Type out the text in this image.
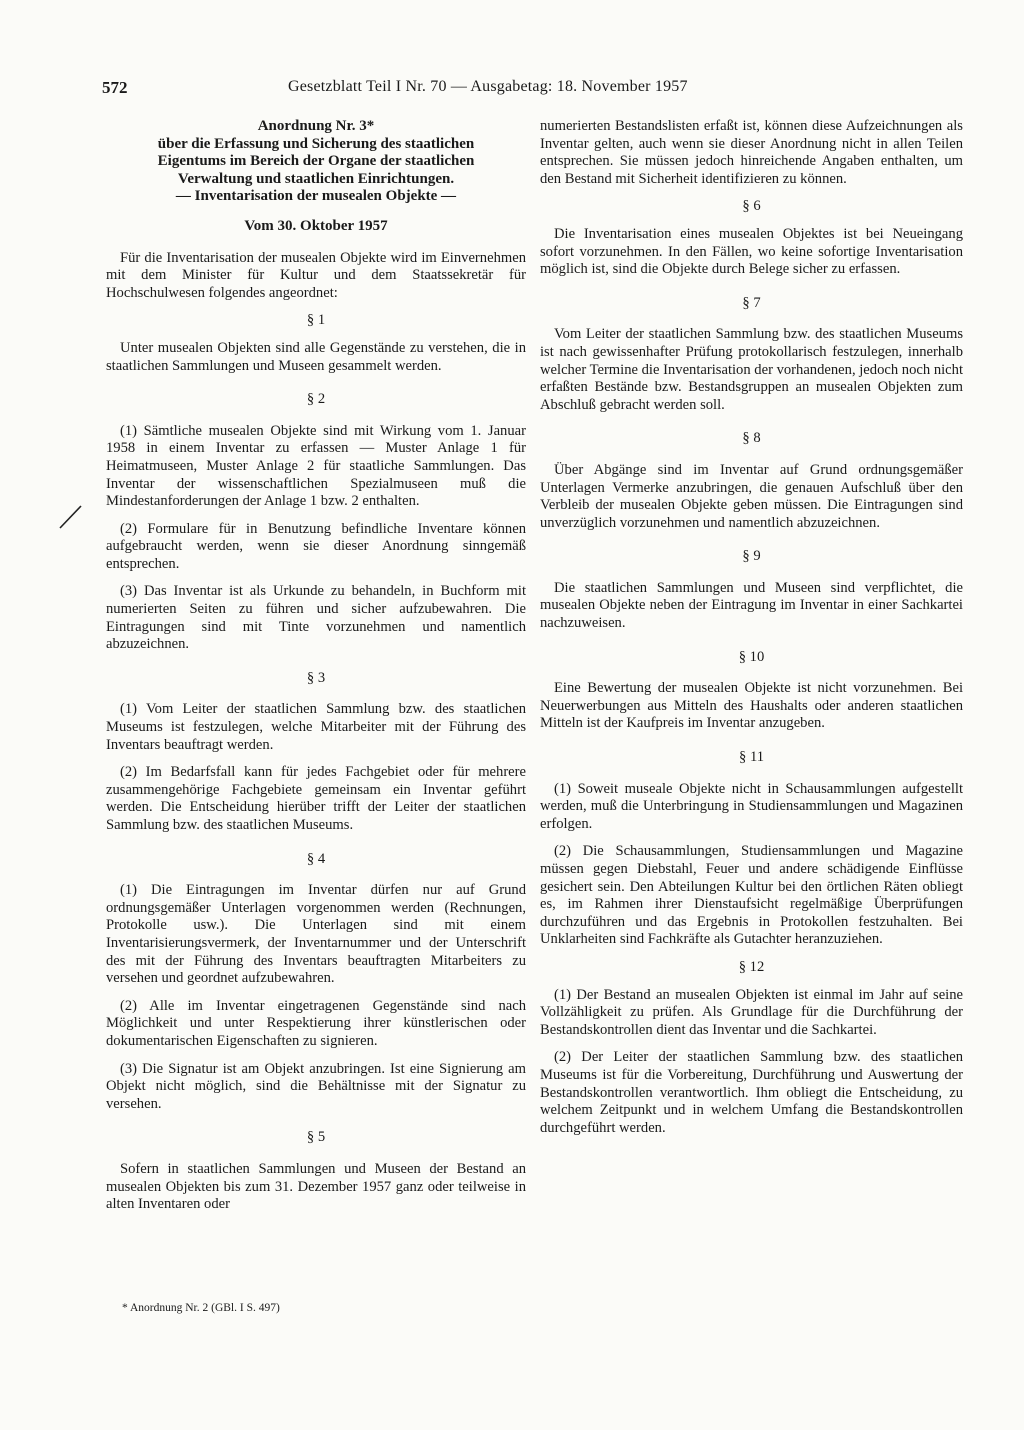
572	Gesetzblatt Teil I Nr. 70 — Ausgabetag: 18. November 1957
Anordnung Nr. 3*
über die Erfassung und Sicherung des staatlichen
Eigentums im Bereich der Organe der staatlichen
Verwaltung und staatlichen Einrichtungen.
— Inventarisation der musealen Objekte —
Vom 30. Oktober 1957

Für die Inventarisation der musealen Objekte wird im Einvernehmen mit dem Minister für Kultur und dem Staatssekretär für Hochschulwesen folgendes angeordnet:

§ 1

Unter musealen Objekten sind alle Gegenstände zu verstehen, die in staatlichen Sammlungen und Museen gesammelt werden.

§ 2

(1) Sämtliche musealen Objekte sind mit Wirkung vom 1. Januar 1958 in einem Inventar zu erfassen — Muster Anlage 1 für Heimatmuseen, Muster Anlage 2 für staatliche Sammlungen. Das Inventar der wissenschaftlichen Spezialmuseen muß die Mindestanforderungen der Anlage 1 bzw. 2 enthalten.

(2) Formulare für in Benutzung befindliche Inventare können aufgebraucht werden, wenn sie dieser Anordnung sinngemäß entsprechen.

(3) Das Inventar ist als Urkunde zu behandeln, in Buchform mit numerierten Seiten zu führen und sicher aufzubewahren. Die Eintragungen sind mit Tinte vorzunehmen und namentlich abzuzeichnen.

§ 3

(1) Vom Leiter der staatlichen Sammlung bzw. des staatlichen Museums ist festzulegen, welche Mitarbeiter mit der Führung des Inventars beauftragt werden.

(2) Im Bedarfsfall kann für jedes Fachgebiet oder für mehrere zusammengehörige Fachgebiete gemeinsam ein Inventar geführt werden. Die Entscheidung hierüber trifft der Leiter der staatlichen Sammlung bzw. des staatlichen Museums.

§ 4

(1) Die Eintragungen im Inventar dürfen nur auf Grund ordnungsgemäßer Unterlagen vorgenommen werden (Rechnungen, Protokolle usw.). Die Unterlagen sind mit einem Inventarisierungsvermerk, der Inventarnummer und der Unterschrift des mit der Führung des Inventars beauftragten Mitarbeiters zu versehen und geordnet aufzubewahren.

(2) Alle im Inventar eingetragenen Gegenstände sind nach Möglichkeit und unter Respektierung ihrer künstlerischen oder dokumentarischen Eigenschaften zu signieren.

(3) Die Signatur ist am Objekt anzubringen. Ist eine Signierung am Objekt nicht möglich, sind die Behältnisse mit der Signatur zu versehen.

§ 5

Sofern in staatlichen Sammlungen und Museen der Bestand an musealen Objekten bis zum 31. Dezember 1957 ganz oder teilweise in alten Inventaren oder

* Anordnung Nr. 2 (GBl. I S. 497)

numerierten Bestandslisten erfaßt ist, können diese Aufzeichnungen als Inventar gelten, auch wenn sie dieser Anordnung nicht in allen Teilen entsprechen. Sie müssen jedoch hinreichende Angaben enthalten, um den Bestand mit Sicherheit identifizieren zu können.

§ 6

Die Inventarisation eines musealen Objektes ist bei Neueingang sofort vorzunehmen. In den Fällen, wo keine sofortige Inventarisation möglich ist, sind die Objekte durch Belege sicher zu erfassen.

§ 7

Vom Leiter der staatlichen Sammlung bzw. des staatlichen Museums ist nach gewissenhafter Prüfung protokollarisch festzulegen, innerhalb welcher Termine die Inventarisation der vorhandenen, jedoch noch nicht erfaßten Bestände bzw. Bestandsgruppen an musealen Objekten zum Abschluß gebracht werden soll.

§ 8

Über Abgänge sind im Inventar auf Grund ordnungsgemäßer Unterlagen Vermerke anzubringen, die genauen Aufschluß über den Verbleib der musealen Objekte geben müssen. Die Eintragungen sind unverzüglich vorzunehmen und namentlich abzuzeichnen.

§ 9

Die staatlichen Sammlungen und Museen sind verpflichtet, die musealen Objekte neben der Eintragung im Inventar in einer Sachkartei nachzuweisen.

§ 10

Eine Bewertung der musealen Objekte ist nicht vorzunehmen. Bei Neuerwerbungen aus Mitteln des Haushalts oder anderen staatlichen Mitteln ist der Kaufpreis im Inventar anzugeben.

§ 11

(1) Soweit museale Objekte nicht in Schausammlungen aufgestellt werden, muß die Unterbringung in Studiensammlungen und Magazinen erfolgen.

(2) Die Schausammlungen, Studiensammlungen und Magazine müssen gegen Diebstahl, Feuer und andere schädigende Einflüsse gesichert sein. Den Abteilungen Kultur bei den örtlichen Räten obliegt es, im Rahmen ihrer Dienstaufsicht regelmäßige Überprüfungen durchzuführen und das Ergebnis in Protokollen festzuhalten. Bei Unklarheiten sind Fachkräfte als Gutachter heranzuziehen.

§ 12

(1) Der Bestand an musealen Objekten ist einmal im Jahr auf seine Vollzähligkeit zu prüfen. Als Grundlage für die Durchführung der Bestandskontrollen dient das Inventar und die Sachkartei.

(2) Der Leiter der staatlichen Sammlung bzw. des staatlichen Museums ist für die Vorbereitung, Durchführung und Auswertung der Bestandskontrollen verantwortlich. Ihm obliegt die Entscheidung, zu welchem Zeitpunkt und in welchem Umfang die Bestandskontrollen durchgeführt werden.
